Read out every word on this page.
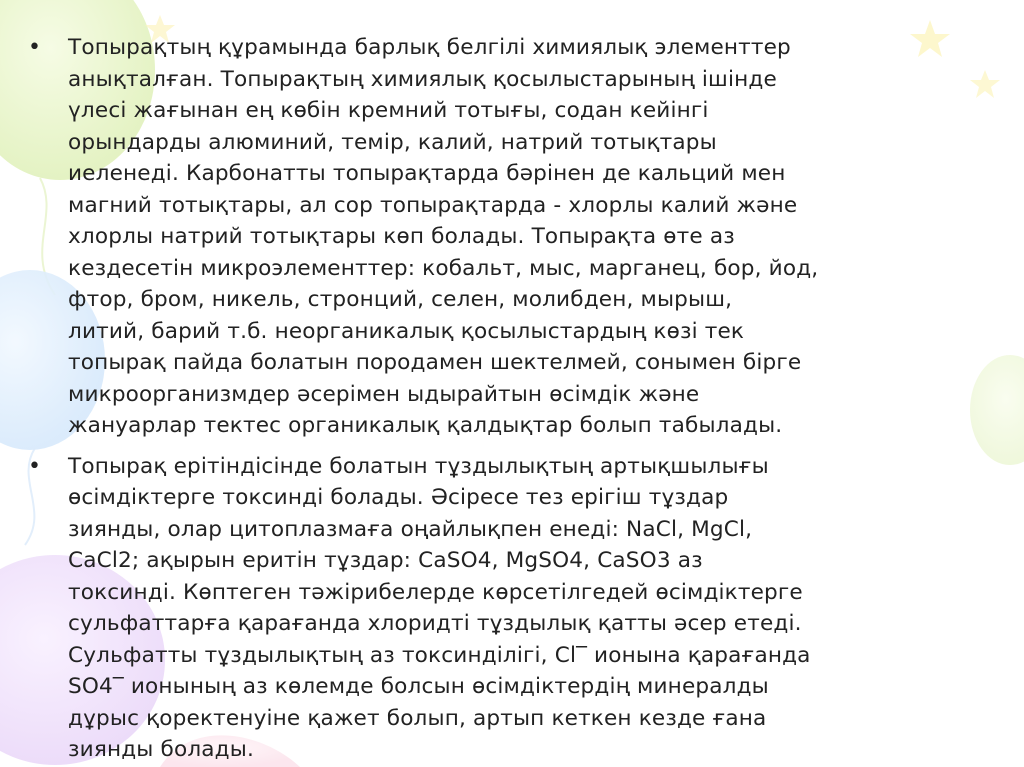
• Топырақтың құрамында барлық белгілі химиялық элементтер
анықталған. Топырақтың химиялық қосылыстарының ішінде
үлесі жағынан ең көбін кремний тотығы, содан кейінгі
орындарды алюминий, темір, калий, натрий тотықтары
иеленеді. Карбонатты топырақтарда бәрінен де кальций мен
магний тотықтары, ал сор топырақтарда - хлорлы калий және
хлорлы натрий тотықтары көп болады. Топырақта өте аз
кездесетін микроэлементтер: кобальт, мыс, марганец, бор, йод,
фтор, бром, никель, стронций, селен, молибден, мырыш,
литий, барий т.б. неорганикалық қосылыстардың көзі тек
топырақ пайда болатын породамен шектелмей, сонымен бірге
микроорганизмдер әсерімен ыдырайтын өсімдік және
жануарлар тектес органикалық қалдықтар болып табылады.
• Топырақ ерітіндісінде болатын тұздылықтың артықшылығы
өсімдіктерге токсинді болады. Әсіресе тез ерігіш тұздар
зиянды, олар цитоплазмаға оңайлықпен енеді: NaCl, MgCl,
CaCl2; ақырын еритін тұздар: CaSO4, MgSO4, CaSO3 аз
токсинді. Көптеген тәжірибелерде көрсетілгедей өсімдіктерге
сульфаттарға қарағанда хлоридті тұздылық қатты әсер етеді.
Сульфатты тұздылықтың аз токсинділігі, Cl‾ ионына қарағанда
SO4‾ ионының аз көлемде болсын өсімдіктердің минералды
дұрыс қоректенуіне қажет болып, артып кеткен кезде ғана
зиянды болады.
